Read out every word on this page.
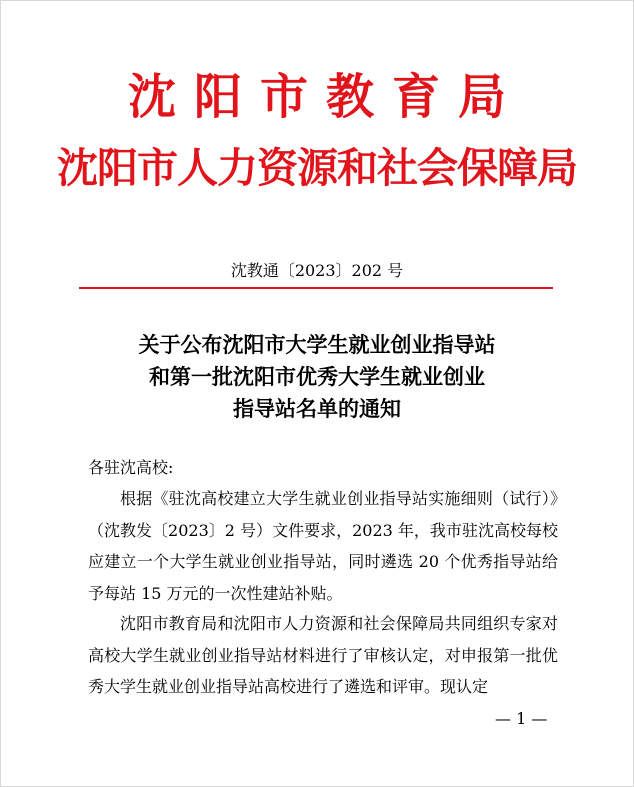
沈阳市教育局
沈阳市人力资源和社会保障局
沈教通〔2023〕202 号
关于公布沈阳市大学生就业创业指导站
和第一批沈阳市优秀大学生就业创业
指导站名单的通知

各驻沈高校:

根据《驻沈高校建立大学生就业创业指导站实施细则（试行）》（沈教发〔2023〕2 号）文件要求，2023 年，我市驻沈高校每校应建立一个大学生就业创业指导站，同时遴选 20 个优秀指导站给予每站 15 万元的一次性建站补贴。

沈阳市教育局和沈阳市人力资源和社会保障局共同组织专家对高校大学生就业创业指导站材料进行了审核认定，对申报第一批优秀大学生就业创业指导站高校进行了遴选和评审。现认定

— 1 —
